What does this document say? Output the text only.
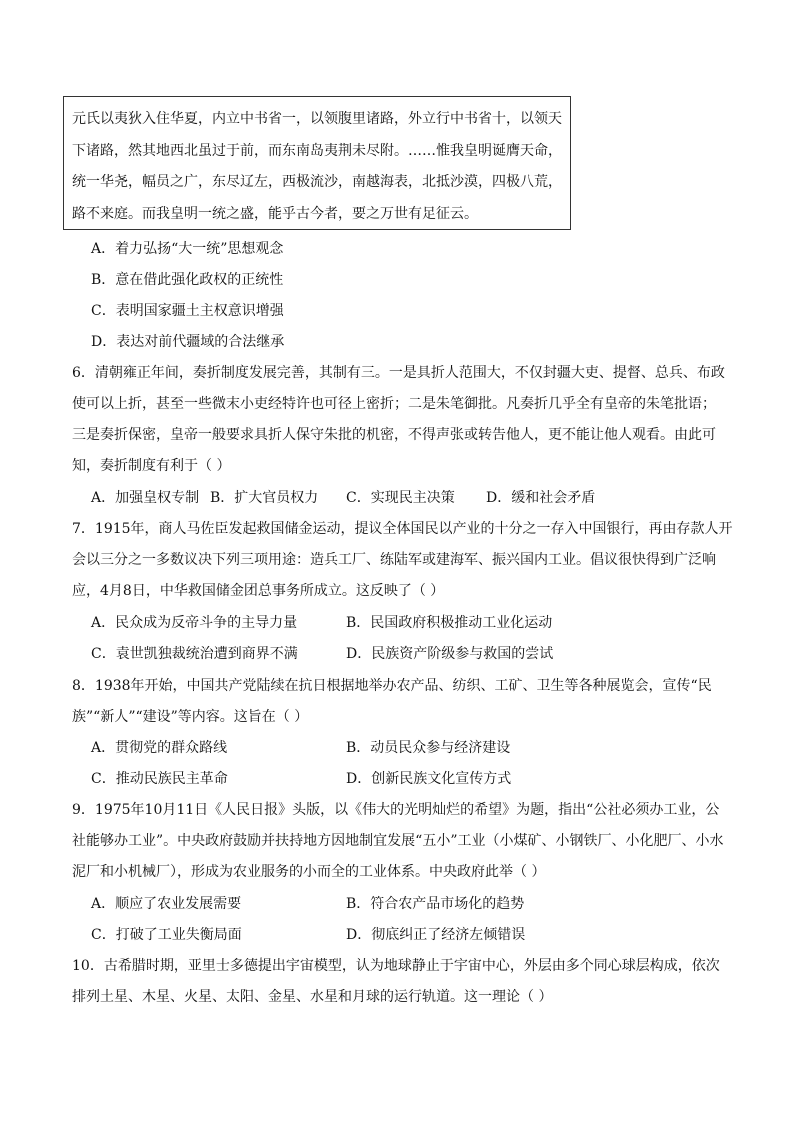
元氏以夷狄入住华夏，内立中书省一，以领腹里诸路，外立行中书省十，以领天
下诸路，然其地西北虽过于前，而东南岛夷荆未尽附。……惟我皇明诞膺天命，
统一华尧，幅员之广，东尽辽左，西极流沙，南越海表，北抵沙漠，四极八荒，
路不来庭。而我皇明一统之盛，能乎古今者，要之万世有足征云。
A．着力弘扬“大一统”思想观念
B．意在借此强化政权的正统性
C．表明国家疆土主权意识增强
D．表达对前代疆域的合法继承
6．清朝雍正年间，奏折制度发展完善，其制有三。一是具折人范围大，不仅封疆大吏、提督、总兵、布政
使可以上折，甚至一些微末小吏经特许也可径上密折；二是朱笔御批。凡奏折几乎全有皇帝的朱笔批语；
三是奏折保密，皇帝一般要求具折人保守朱批的机密，不得声张或转告他人，更不能让他人观看。由此可
知，奏折制度有利于（ ）
A．加强皇权专制 B．扩大官员权力 C．实现民主决策 D．缓和社会矛盾
7．1915年，商人马佐臣发起救国储金运动，提议全体国民以产业的十分之一存入中国银行，再由存款人开
会以三分之一多数议决下列三项用途：造兵工厂、练陆军或建海军、振兴国内工业。倡议很快得到广泛响
应，4月8日，中华救国储金团总事务所成立。这反映了（ ）
A．民众成为反帝斗争的主导力量	B．民国政府积极推动工业化运动
C．袁世凯独裁统治遭到商界不满	D．民族资产阶级参与救国的尝试
8．1938年开始，中国共产党陆续在抗日根据地举办农产品、纺织、工矿、卫生等各种展览会，宣传“民
族”“新人”“建设”等内容。这旨在（ ）
A．贯彻党的群众路线	B．动员民众参与经济建设
C．推动民族民主革命	D．创新民族文化宣传方式
9．1975年10月11日《人民日报》头版，以《伟大的光明灿烂的希望》为题，指出“公社必须办工业，公
社能够办工业”。中央政府鼓励并扶持地方因地制宜发展“五小”工业（小煤矿、小钢铁厂、小化肥厂、小水
泥厂和小机械厂），形成为农业服务的小而全的工业体系。中央政府此举（ ）
A．顺应了农业发展需要	B．符合农产品市场化的趋势
C．打破了工业失衡局面	D．彻底纠正了经济左倾错误
10．古希腊时期，亚里士多德提出宇宙模型，认为地球静止于宇宙中心，外层由多个同心球层构成，依次
排列土星、木星、火星、太阳、金星、水星和月球的运行轨道。这一理论（ ）
